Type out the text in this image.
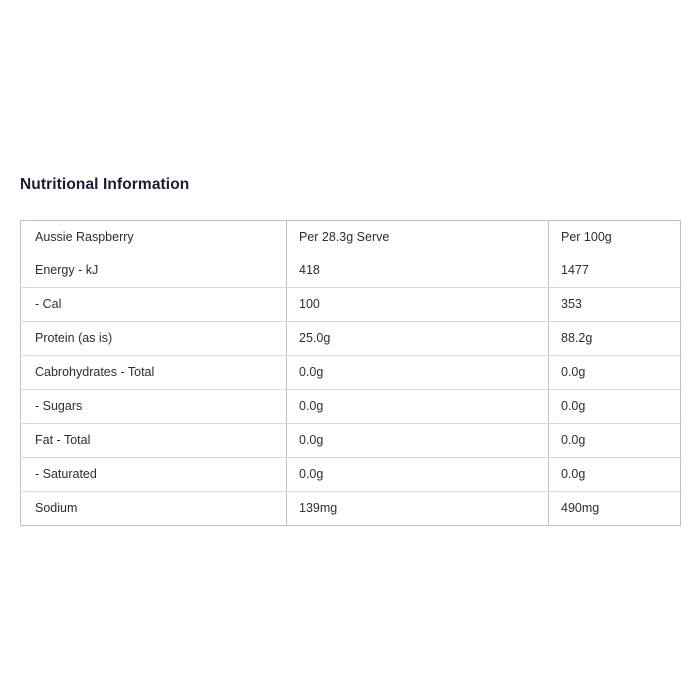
Nutritional Information
Aussie Raspberry	Per 28.3g Serve	Per 100g
Energy - kJ	418	1477
- Cal	100	353
Protein (as is)	25.0g	88.2g
Cabrohydrates - Total	0.0g	0.0g
- Sugars	0.0g	0.0g
Fat - Total	0.0g	0.0g
- Saturated	0.0g	0.0g
Sodium	139mg	490mg
